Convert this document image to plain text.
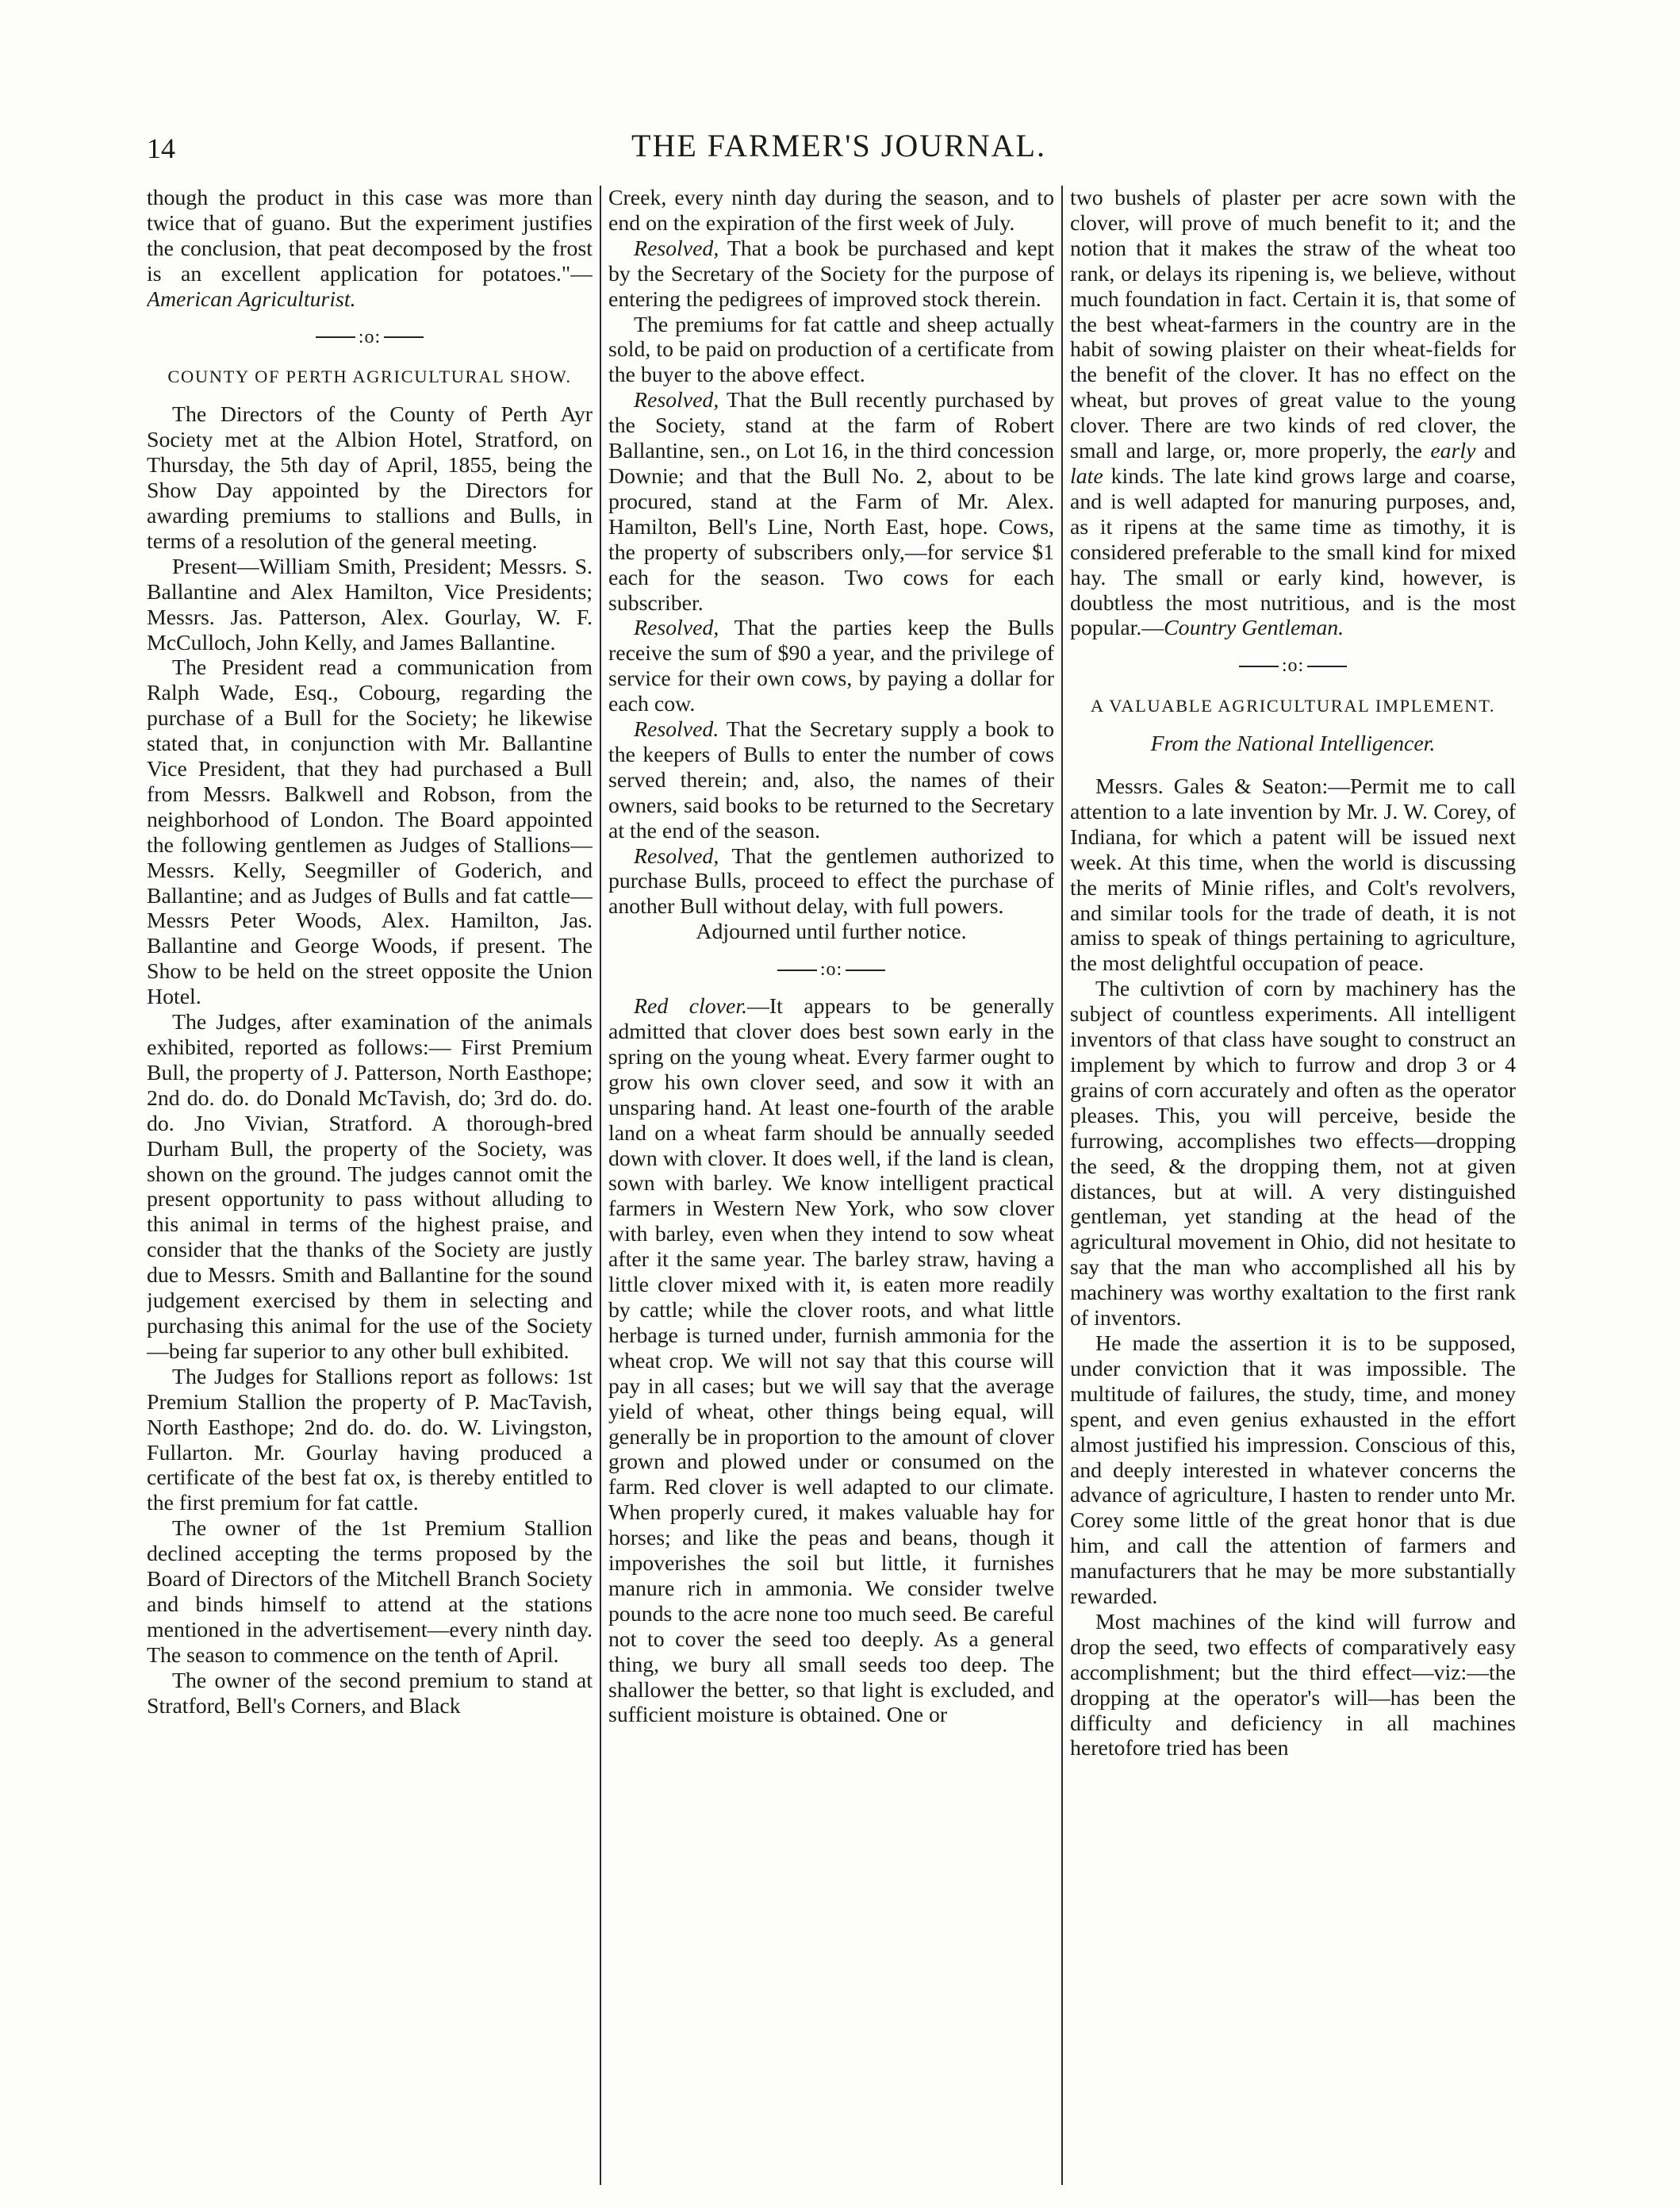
14	THE FARMER'S JOURNAL.

though the product in this case was more than twice that of guano. But the experiment justifies the conclusion, that peat decomposed by the frost is an excellent application for potatoes."—American Agriculturist.

:o:

COUNTY OF PERTH AGRICULTURAL SHOW.

The Directors of the County of Perth Ayr Society met at the Albion Hotel, Stratford, on Thursday, the 5th day of April, 1855, being the Show Day appointed by the Directors for awarding premiums to stallions and Bulls, in terms of a resolution of the general meeting.

Present—William Smith, President; Messrs. S. Ballantine and Alex Hamilton, Vice Presidents; Messrs. Jas. Patterson, Alex. Gourlay, W. F. McCulloch, John Kelly, and James Ballantine.

The President read a communication from Ralph Wade, Esq., Cobourg, regarding the purchase of a Bull for the Society; he likewise stated that, in conjunction with Mr. Ballantine Vice President, that they had purchased a Bull from Messrs. Balkwell and Robson, from the neighborhood of London. The Board appointed the following gentlemen as Judges of Stallions—Messrs. Kelly, Seegmiller of Goderich, and Ballantine; and as Judges of Bulls and fat cattle—Messrs Peter Woods, Alex. Hamilton, Jas. Ballantine and George Woods, if present. The Show to be held on the street opposite the Union Hotel.

The Judges, after examination of the animals exhibited, reported as follows:— First Premium Bull, the property of J. Patterson, North Easthope; 2nd do. do. do Donald McTavish, do; 3rd do. do. do. Jno Vivian, Stratford. A thorough-bred Durham Bull, the property of the Society, was shown on the ground. The judges cannot omit the present opportunity to pass without alluding to this animal in terms of the highest praise, and consider that the thanks of the Society are justly due to Messrs. Smith and Ballantine for the sound judgement exercised by them in selecting and purchasing this animal for the use of the Society—being far superior to any other bull exhibited.

The Judges for Stallions report as follows: 1st Premium Stallion the property of P. MacTavish, North Easthope; 2nd do. do. do. W. Livingston, Fullarton. Mr. Gourlay having produced a certificate of the best fat ox, is thereby entitled to the first premium for fat cattle.

The owner of the 1st Premium Stallion declined accepting the terms proposed by the Board of Directors of the Mitchell Branch Society and binds himself to attend at the stations mentioned in the advertisement—every ninth day. The season to commence on the tenth of April.

The owner of the second premium to stand at Stratford, Bell's Corners, and Black

Creek, every ninth day during the season, and to end on the expiration of the first week of July.

Resolved, That a book be purchased and kept by the Secretary of the Society for the purpose of entering the pedigrees of improved stock therein.

The premiums for fat cattle and sheep actually sold, to be paid on production of a certificate from the buyer to the above effect.

Resolved, That the Bull recently purchased by the Society, stand at the farm of Robert Ballantine, sen., on Lot 16, in the third concession Downie; and that the Bull No. 2, about to be procured, stand at the Farm of Mr. Alex. Hamilton, Bell's Line, North East, hope. Cows, the property of subscribers only,—for service $1 each for the season. Two cows for each subscriber.

Resolved, That the parties keep the Bulls receive the sum of $90 a year, and the privilege of service for their own cows, by paying a dollar for each cow.

Resolved. That the Secretary supply a book to the keepers of Bulls to enter the number of cows served therein; and, also, the names of their owners, said books to be returned to the Secretary at the end of the season.

Resolved, That the gentlemen authorized to purchase Bulls, proceed to effect the purchase of another Bull without delay, with full powers.

Adjourned until further notice.

:o:

Red clover.—It appears to be generally admitted that clover does best sown early in the spring on the young wheat. Every farmer ought to grow his own clover seed, and sow it with an unsparing hand. At least one-fourth of the arable land on a wheat farm should be annually seeded down with clover. It does well, if the land is clean, sown with barley. We know intelligent practical farmers in Western New York, who sow clover with barley, even when they intend to sow wheat after it the same year. The barley straw, having a little clover mixed with it, is eaten more readily by cattle; while the clover roots, and what little herbage is turned under, furnish ammonia for the wheat crop. We will not say that this course will pay in all cases; but we will say that the average yield of wheat, other things being equal, will generally be in proportion to the amount of clover grown and plowed under or consumed on the farm. Red clover is well adapted to our climate. When properly cured, it makes valuable hay for horses; and like the peas and beans, though it impoverishes the soil but little, it furnishes manure rich in ammonia. We consider twelve pounds to the acre none too much seed. Be careful not to cover the seed too deeply. As a general thing, we bury all small seeds too deep. The shallower the better, so that light is excluded, and sufficient moisture is obtained. One or

two bushels of plaster per acre sown with the clover, will prove of much benefit to it; and the notion that it makes the straw of the wheat too rank, or delays its ripening is, we believe, without much foundation in fact. Certain it is, that some of the best wheat-farmers in the country are in the habit of sowing plaister on their wheat-fields for the benefit of the clover. It has no effect on the wheat, but proves of great value to the young clover. There are two kinds of red clover, the small and large, or, more properly, the early and late kinds. The late kind grows large and coarse, and is well adapted for manuring purposes, and, as it ripens at the same time as timothy, it is considered preferable to the small kind for mixed hay. The small or early kind, however, is doubtless the most nutritious, and is the most popular.—Country Gentleman.

:o:

A VALUABLE AGRICULTURAL IMPLEMENT.

From the National Intelligencer.

Messrs. Gales & Seaton:—Permit me to call attention to a late invention by Mr. J. W. Corey, of Indiana, for which a patent will be issued next week. At this time, when the world is discussing the merits of Minie rifles, and Colt's revolvers, and similar tools for the trade of death, it is not amiss to speak of things pertaining to agriculture, the most delightful occupation of peace.

The cultivtion of corn by machinery has the subject of countless experiments. All intelligent inventors of that class have sought to construct an implement by which to furrow and drop 3 or 4 grains of corn accurately and often as the operator pleases. This, you will perceive, beside the furrowing, accomplishes two effects—dropping the seed, & the dropping them, not at given distances, but at will. A very distinguished gentleman, yet standing at the head of the agricultural movement in Ohio, did not hesitate to say that the man who accomplished all his by machinery was worthy exaltation to the first rank of inventors.

He made the assertion it is to be supposed, under conviction that it was impossible. The multitude of failures, the study, time, and money spent, and even genius exhausted in the effort almost justified his impression. Conscious of this, and deeply interested in whatever concerns the advance of agriculture, I hasten to render unto Mr. Corey some little of the great honor that is due him, and call the attention of farmers and manufacturers that he may be more substantially rewarded.

Most machines of the kind will furrow and drop the seed, two effects of comparatively easy accomplishment; but the third effect—viz:—the dropping at the operator's will—has been the difficulty and deficiency in all machines heretofore tried has been
